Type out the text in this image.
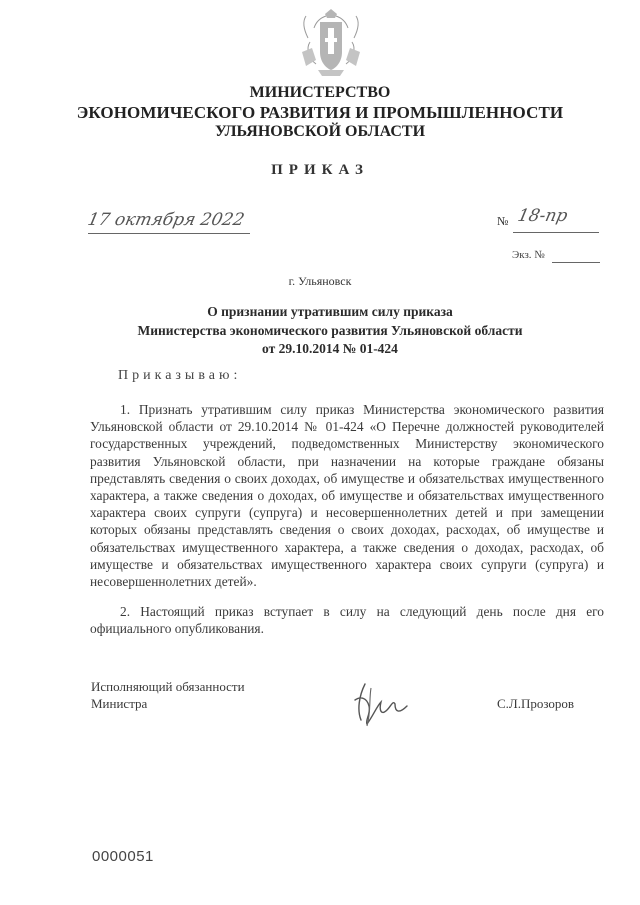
МИНИСТЕРСТВО
ЭКОНОМИЧЕСКОГО РАЗВИТИЯ И ПРОМЫШЛЕННОСТИ
УЛЬЯНОВСКОЙ ОБЛАСТИ
ПРИКАЗ
17 октября 2022	№ 18-пр
Экз. №
г. Ульяновск
О признании утратившим силу приказа
Министерства экономического развития Ульяновской области
от 29.10.2014 № 01-424
Приказываю:
1. Признать утратившим силу приказ Министерства экономического развития Ульяновской области от 29.10.2014 № 01-424 «О Перечне должностей руководителей государственных учреждений, подведомственных Министерству экономического развития Ульяновской области, при назначении на которые граждане обязаны представлять сведения о своих доходах, об имуществе и обязательствах имущественного характера, а также сведения о доходах, об имуществе и обязательствах имущественного характера своих супруги (супруга) и несовершеннолетних детей и при замещении которых обязаны представлять сведения о своих доходах, расходах, об имуществе и обязательствах имущественного характера, а также сведения о доходах, расходах, об имуществе и обязательствах имущественного характера своих супруги (супруга) и несовершеннолетних детей».
2. Настоящий приказ вступает в силу на следующий день после дня его официального опубликования.
Исполняющий обязанности
Министра	С.Л.Прозоров
0000051
